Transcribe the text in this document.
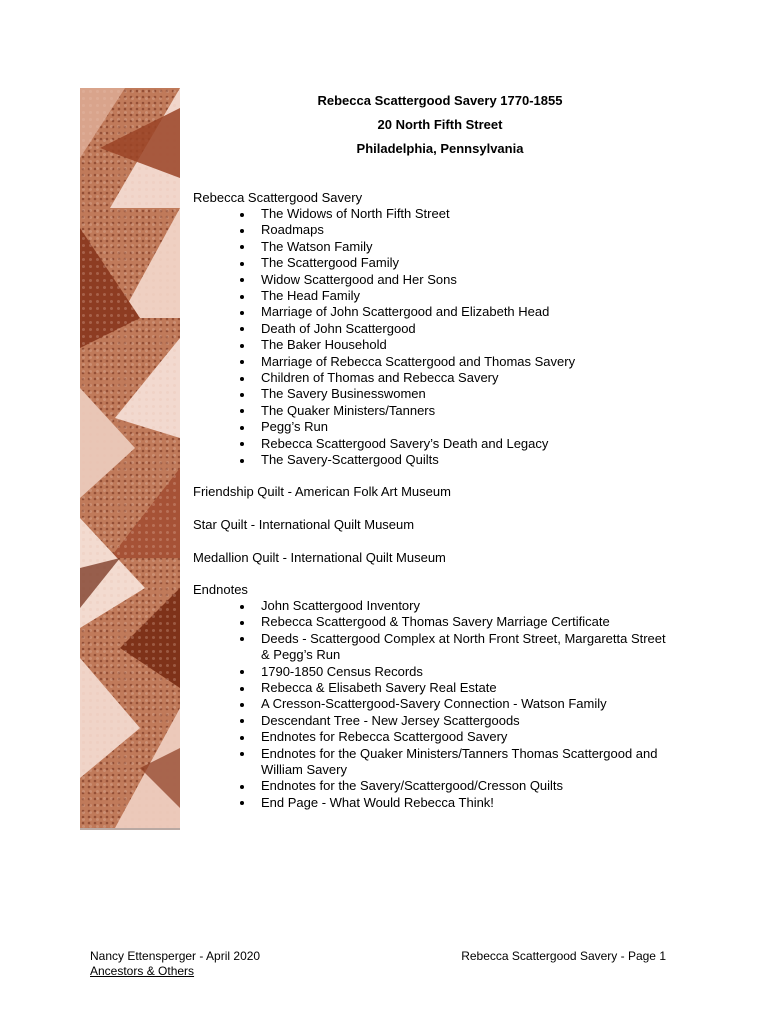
Rebecca Scattergood Savery 1770-1855
20 North Fifth Street
Philadelphia, Pennsylvania
Rebecca Scattergood Savery
The Widows of North Fifth Street
Roadmaps
The Watson Family
The Scattergood Family
Widow Scattergood and Her Sons
The Head Family
Marriage of John Scattergood and Elizabeth Head
Death of John Scattergood
The Baker Household
Marriage of Rebecca Scattergood and Thomas Savery
Children of Thomas and Rebecca Savery
The Savery Businesswomen
The Quaker Ministers/Tanners
Pegg’s Run
Rebecca Scattergood Savery’s Death and Legacy
The Savery-Scattergood Quilts
Friendship Quilt - American Folk Art Museum
Star Quilt - International Quilt Museum
Medallion Quilt - International Quilt Museum
Endnotes
John Scattergood Inventory
Rebecca Scattergood & Thomas Savery Marriage Certificate
Deeds - Scattergood Complex at North Front Street, Margaretta Street & Pegg’s Run
1790-1850 Census Records
Rebecca & Elisabeth Savery Real Estate
A Cresson-Scattergood-Savery Connection - Watson Family
Descendant Tree - New Jersey Scattergoods
Endnotes for Rebecca Scattergood Savery
Endnotes for the Quaker Ministers/Tanners Thomas Scattergood and William Savery
Endnotes for the Savery/Scattergood/Cresson Quilts
End Page - What Would Rebecca Think!
Nancy Ettensperger - April 2020
Ancestors & Others
Rebecca Scattergood Savery - Page 1
